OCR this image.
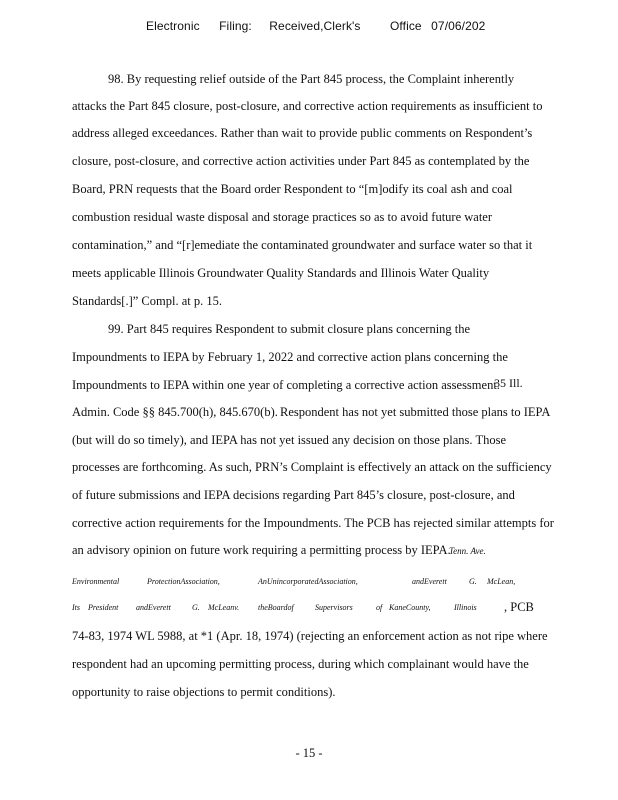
Electronic Filing: Received,Clerk's Office 07/06/202
98. By requesting relief outside of the Part 845 process, the Complaint inherently
attacks the Part 845 closure, post-closure, and corrective action requirements as insufficient to
address alleged exceedances. Rather than wait to provide public comments on Respondent’s
closure, post-closure, and corrective action activities under Part 845 as contemplated by the
Board, PRN requests that the Board order Respondent to “[m]odify its coal ash and coal
combustion residual waste disposal and storage practices so as to avoid future water
contamination,” and “[r]emediate the contaminated groundwater and surface water so that it
meets applicable Illinois Groundwater Quality Standards and Illinois Water Quality
Standards[.]” Compl. at p. 15.
99. Part 845 requires Respondent to submit closure plans concerning the
Impoundments to IEPA by February 1, 2022 and corrective action plans concerning the
Impoundments to IEPA within one year of completing a corrective action assessment.
35 Ill.
Admin. Code §§ 845.700(h), 845.670(b). Respondent has not yet submitted those plans to IEPA
(but will do so timely), and IEPA has not yet issued any decision on those plans. Those
processes are forthcoming. As such, PRN’s Complaint is effectively an attack on the sufficiency
of future submissions and IEPA decisions regarding Part 845’s closure, post-closure, and
corrective action requirements for the Impoundments. The PCB has rejected similar attempts for
an advisory opinion on future work requiring a permitting process by IEPA.
Tenn. Ave.
Environmental	ProtectionAssociation,	AnUnincorporatedAssociation,	andEverett	G. McLean,
Its President andEverett	G. McLeanv. theBoardof	Supervisors	of KaneCounty,	Illinois , PCB
74-83, 1974 WL 5988, at *1 (Apr. 18, 1974) (rejecting an enforcement action as not ripe where
respondent had an upcoming permitting process, during which complainant would have the
opportunity to raise objections to permit conditions).
- 15 -
